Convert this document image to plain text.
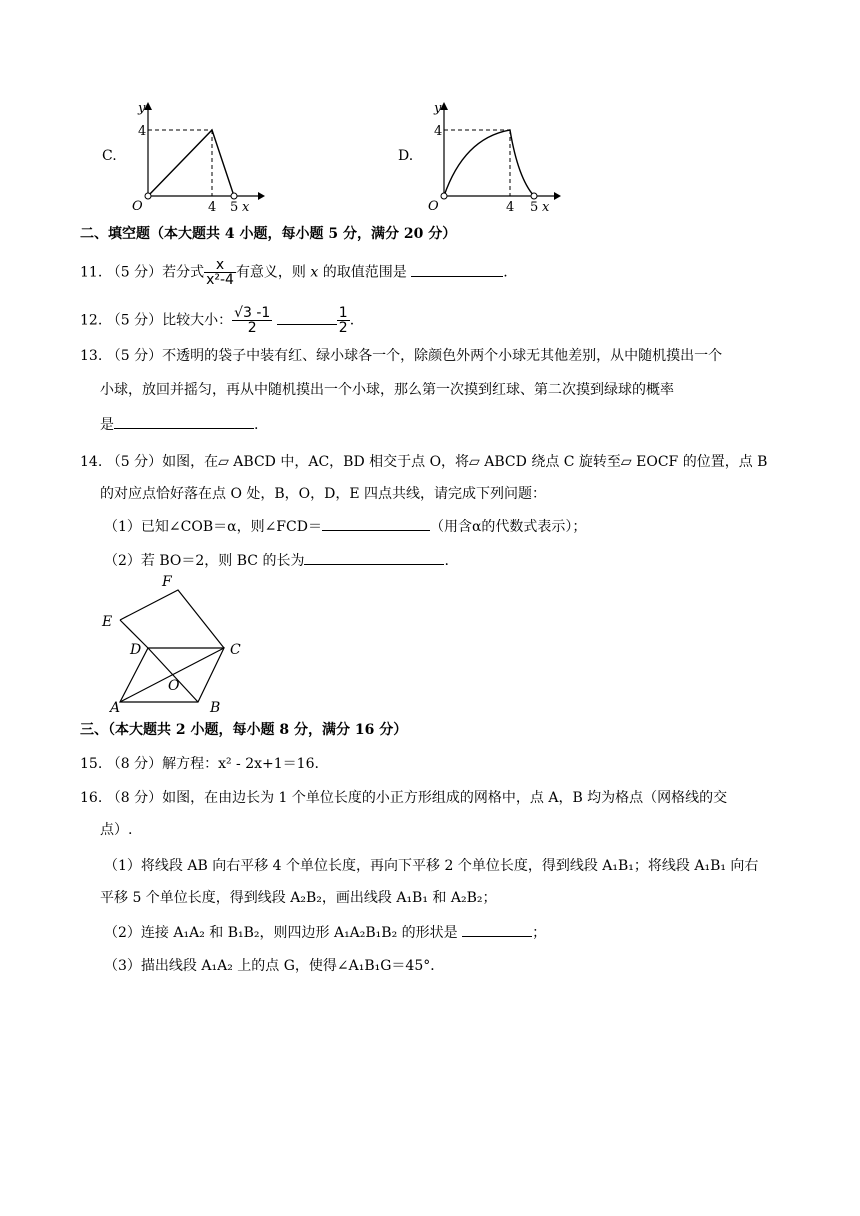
C.
y
4
O	4 5 x
D.
y
4
O	4 5 x
二、填空题（本大题共 4 小题，每小题 5 分，满分 20 分）
11. （5 分）若分式 $\frac{x}{\text{x²-4}}$ 有意义，则 x 的取值范围是	.
12. （5 分）比较大小： $\frac{√3 -1}{2}$
	$\frac{1}{2}$ .
13. （5 分）不透明的袋子中装有红、绿小球各一个，除颜色外两个小球无其他差别，从中随机摸出一个
小球，放回并摇匀，再从中随机摸出一个小球，那么第一次摸到红球、第二次摸到绿球的概率
是	.
14. （5 分）如图，在▱ ABCD 中，AC，BD 相交于点 O，将▱ ABCD 绕点 C 旋转至▱ EOCF 的位置，点 B
的对应点恰好落在点 O 处，B，O，D，E 四点共线，请完成下列问题：
（1）已知∠COB＝α，则∠FCD＝	（用含α的代数式表示）；
（2）若 BO＝2，则 BC 的长为	.
F
E
D	C
O
A	B
三、（本大题共 2 小题，每小题 8 分，满分 16 分）
15. （8 分）解方程：x² - 2x+1＝16.
16. （8 分）如图，在由边长为 1 个单位长度的小正方形组成的网格中，点 A，B 均为格点（网格线的交
点）.
（1）将线段 AB 向右平移 4 个单位长度，再向下平移 2 个单位长度，得到线段 A₁B₁；将线段 A₁B₁ 向右
平移 5 个单位长度，得到线段 A₂B₂，画出线段 A₁B₁ 和 A₂B₂；
（2）连接 A₁A₂ 和 B₁B₂，则四边形 A₁A₂B₁B₂ 的形状是	；
（3）描出线段 A₁A₂ 上的点 G，使得∠A₁B₁G＝45°．
